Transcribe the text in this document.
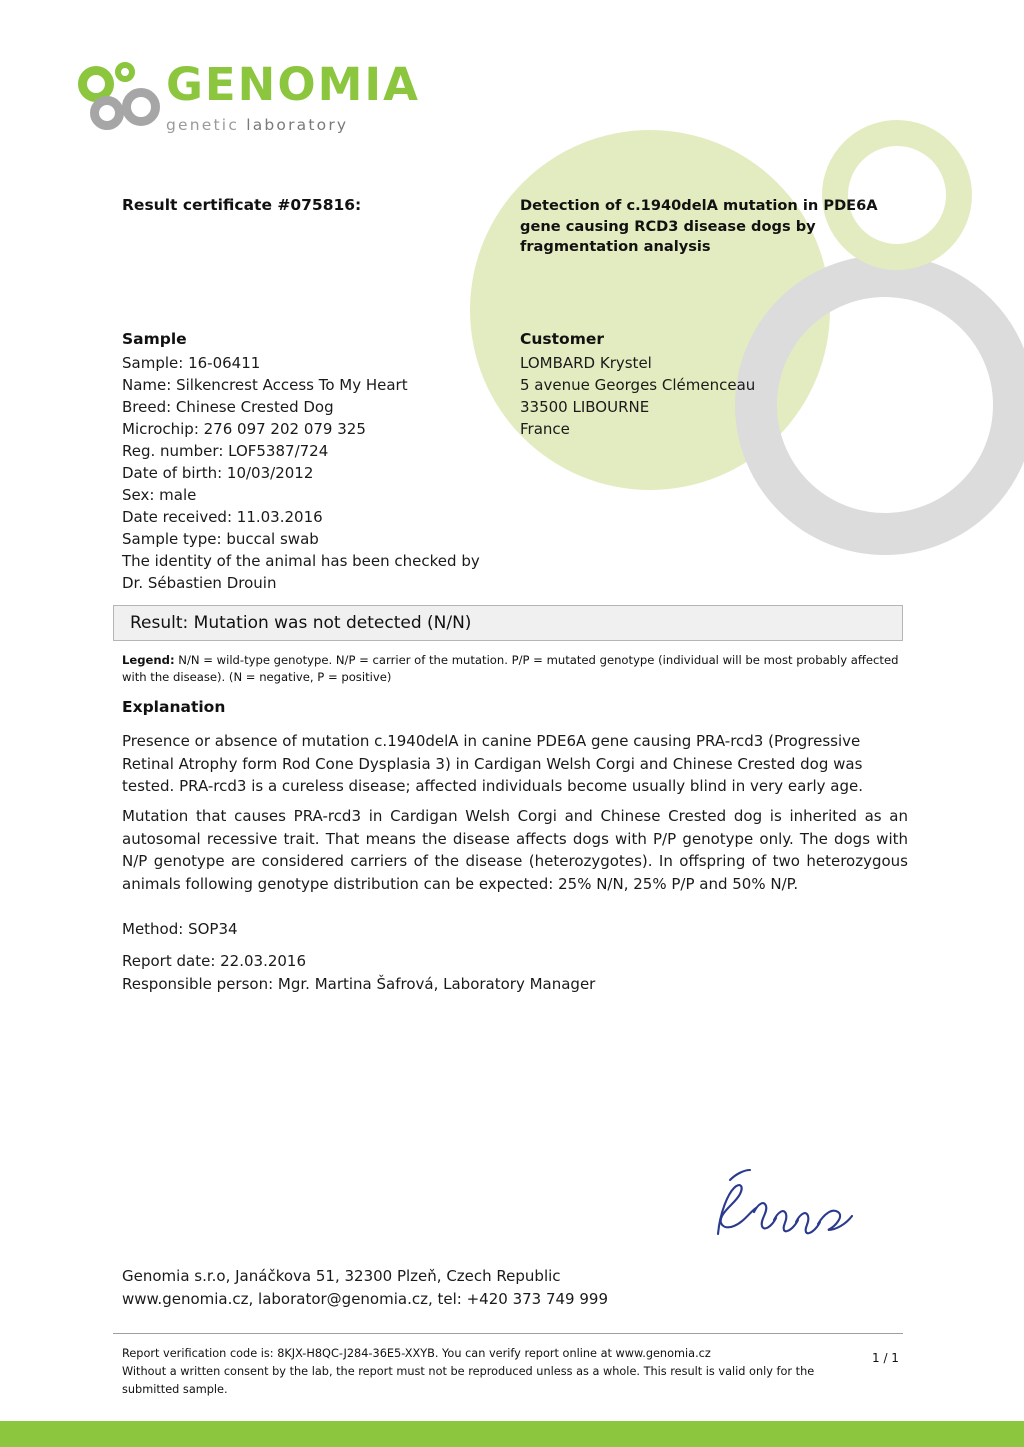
GENOMIA
genetic laboratory
Result certificate #075816:	Detection of c.1940delA mutation in PDE6A gene causing RCD3 disease dogs by fragmentation analysis
Sample
Sample: 16-06411
Name: Silkencrest Access To My Heart
Breed: Chinese Crested Dog
Microchip: 276 097 202 079 325
Reg. number: LOF5387/724
Date of birth: 10/03/2012
Sex: male
Date received: 11.03.2016
Sample type: buccal swab
The identity of the animal has been checked by
Dr. Sébastien Drouin
Customer
LOMBARD Krystel
5 avenue Georges Clémenceau
33500 LIBOURNE
France
Result: Mutation was not detected (N/N)
Legend: N/N = wild-type genotype. N/P = carrier of the mutation. P/P = mutated genotype (individual will be most probably affected with the disease). (N = negative, P = positive)
Explanation
Presence or absence of mutation c.1940delA in canine PDE6A gene causing PRA-rcd3 (Progressive Retinal Atrophy form Rod Cone Dysplasia 3) in Cardigan Welsh Corgi and Chinese Crested dog was tested. PRA-rcd3 is a cureless disease; affected individuals become usually blind in very early age.
Mutation that causes PRA-rcd3 in Cardigan Welsh Corgi and Chinese Crested dog is inherited as an autosomal recessive trait. That means the disease affects dogs with P/P genotype only. The dogs with N/P genotype are considered carriers of the disease (heterozygotes). In offspring of two heterozygous animals following genotype distribution can be expected: 25% N/N, 25% P/P and 50% N/P.
Method: SOP34
Report date: 22.03.2016
Responsible person: Mgr. Martina Šafrová, Laboratory Manager
Genomia s.r.o, Janáčkova 51, 32300 Plzeň, Czech Republic
www.genomia.cz, laborator@genomia.cz, tel: +420 373 749 999
Report verification code is: 8KJX-H8QC-J284-36E5-XXYB. You can verify report online at www.genomia.cz
Without a written consent by the lab, the report must not be reproduced unless as a whole. This result is valid only for the submitted sample.
1 / 1
